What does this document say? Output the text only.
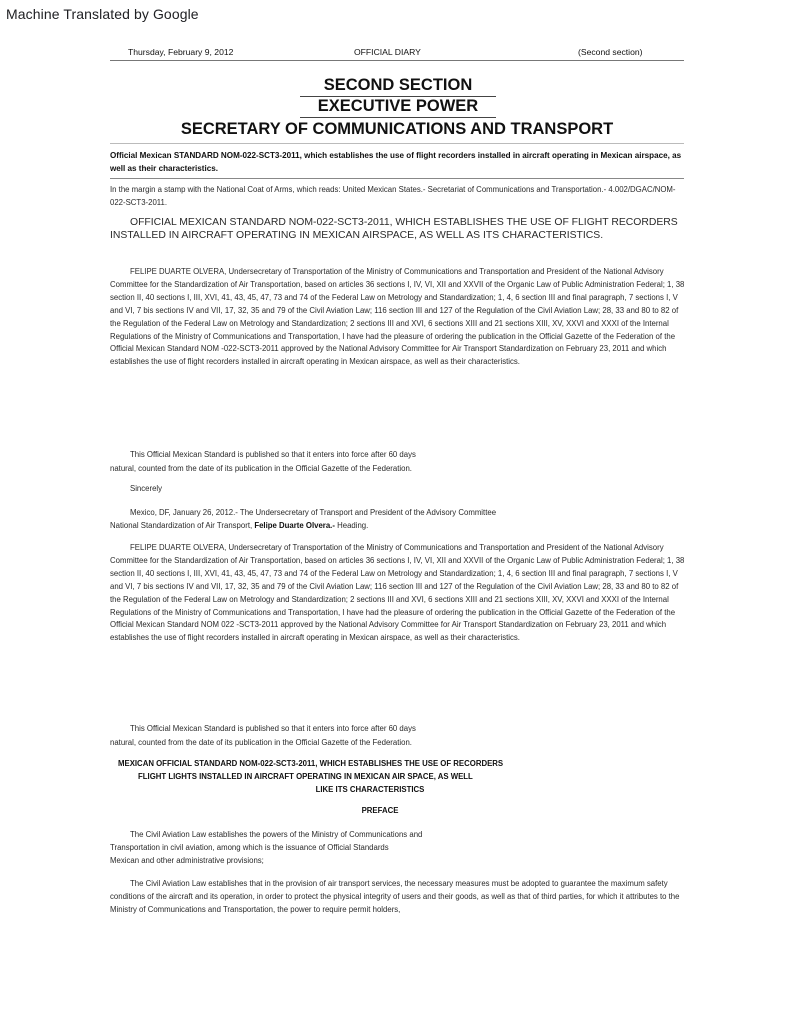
Machine Translated by Google
Thursday, February 9, 2012	OFFICIAL DIARY	(Second section)
SECOND SECTION
EXECUTIVE POWER
SECRETARY OF COMMUNICATIONS AND TRANSPORT
Official Mexican STANDARD NOM-022-SCT3-2011, which establishes the use of flight recorders installed in aircraft operating in Mexican airspace, as well as their characteristics.
In the margin a stamp with the National Coat of Arms, which reads: United Mexican States.- Secretariat of Communications and Transportation.- 4.002/DGAC/NOM-022-SCT3-2011.
OFFICIAL MEXICAN STANDARD NOM-022-SCT3-2011, WHICH ESTABLISHES THE USE OF FLIGHT RECORDERS INSTALLED IN AIRCRAFT OPERATING IN MEXICAN AIRSPACE, AS WELL AS ITS CHARACTERISTICS.
FELIPE DUARTE OLVERA, Undersecretary of Transportation of the Ministry of Communications and Transportation and President of the National Advisory Committee for the Standardization of Air Transportation, based on articles 36 sections I, IV, VI, XII and XXVII of the Organic Law of Public Administration Federal; 1, 38 section II, 40 sections I, III, XVI, 41, 43, 45, 47, 73 and 74 of the Federal Law on Metrology and Standardization; 1, 4, 6 section III and final paragraph, 7 sections I, V and VI, 7 bis sections IV and VII, 17, 32, 35 and 79 of the Civil Aviation Law; 116 section III and 127 of the Regulation of the Civil Aviation Law; 28, 33 and 80 to 82 of the Regulation of the Federal Law on Metrology and Standardization; 2 sections III and XVI, 6 sections XIII and 21 sections XIII, XV, XXVI and XXXI of the Internal Regulations of the Ministry of Communications and Transportation, I have had the pleasure of ordering the publication in the Official Gazette of the Federation of the Official Mexican Standard NOM -022-SCT3-2011 approved by the National Advisory Committee for Air Transport Standardization on February 23, 2011 and which establishes the use of flight recorders installed in aircraft operating in Mexican airspace, as well as their characteristics.
This Official Mexican Standard is published so that it enters into force after 60 days
natural, counted from the date of its publication in the Official Gazette of the Federation.
Sincerely
Mexico, DF, January 26, 2012.- The Undersecretary of Transport and President of the Advisory Committee
National Standardization of Air Transport, Felipe Duarte Olvera.- Heading.
FELIPE DUARTE OLVERA, Undersecretary of Transportation of the Ministry of Communications and Transportation and President of the National Advisory Committee for the Standardization of Air Transportation, based on articles 36 sections I, IV, VI, XII and XXVII of the Organic Law of Public Administration Federal; 1, 38 section II, 40 sections I, III, XVI, 41, 43, 45, 47, 73 and 74 of the Federal Law on Metrology and Standardization; 1, 4, 6 section III and final paragraph, 7 sections I, V and VI, 7 bis sections IV and VII, 17, 32, 35 and 79 of the Civil Aviation Law; 116 section III and 127 of the Regulation of the Civil Aviation Law; 28, 33 and 80 to 82 of the Regulation of the Federal Law on Metrology and Standardization; 2 sections III and XVI, 6 sections XIII and 21 sections XIII, XV, XXVI and XXXI of the Internal Regulations of the Ministry of Communications and Transportation, I have had the pleasure of ordering the publication in the Official Gazette of the Federation of the Official Mexican Standard NOM 022 -SCT3-2011 approved by the National Advisory Committee for Air Transport Standardization on February 23, 2011 and which establishes the use of flight recorders installed in aircraft operating in Mexican airspace, as well as their characteristics.
This Official Mexican Standard is published so that it enters into force after 60 days
natural, counted from the date of its publication in the Official Gazette of the Federation.
MEXICAN OFFICIAL STANDARD NOM-022-SCT3-2011, WHICH ESTABLISHES THE USE OF RECORDERS
FLIGHT LIGHTS INSTALLED IN AIRCRAFT OPERATING IN MEXICAN AIR SPACE, AS WELL
LIKE ITS CHARACTERISTICS
PREFACE
The Civil Aviation Law establishes the powers of the Ministry of Communications and
Transportation in civil aviation, among which is the issuance of Official Standards
Mexican and other administrative provisions;
The Civil Aviation Law establishes that in the provision of air transport services, the necessary measures must be adopted to guarantee the maximum safety conditions of the aircraft and its operation, in order to protect the physical integrity of users and their goods, as well as that of third parties, for which it attributes to the Ministry of Communications and Transportation, the power to require permit holders,
